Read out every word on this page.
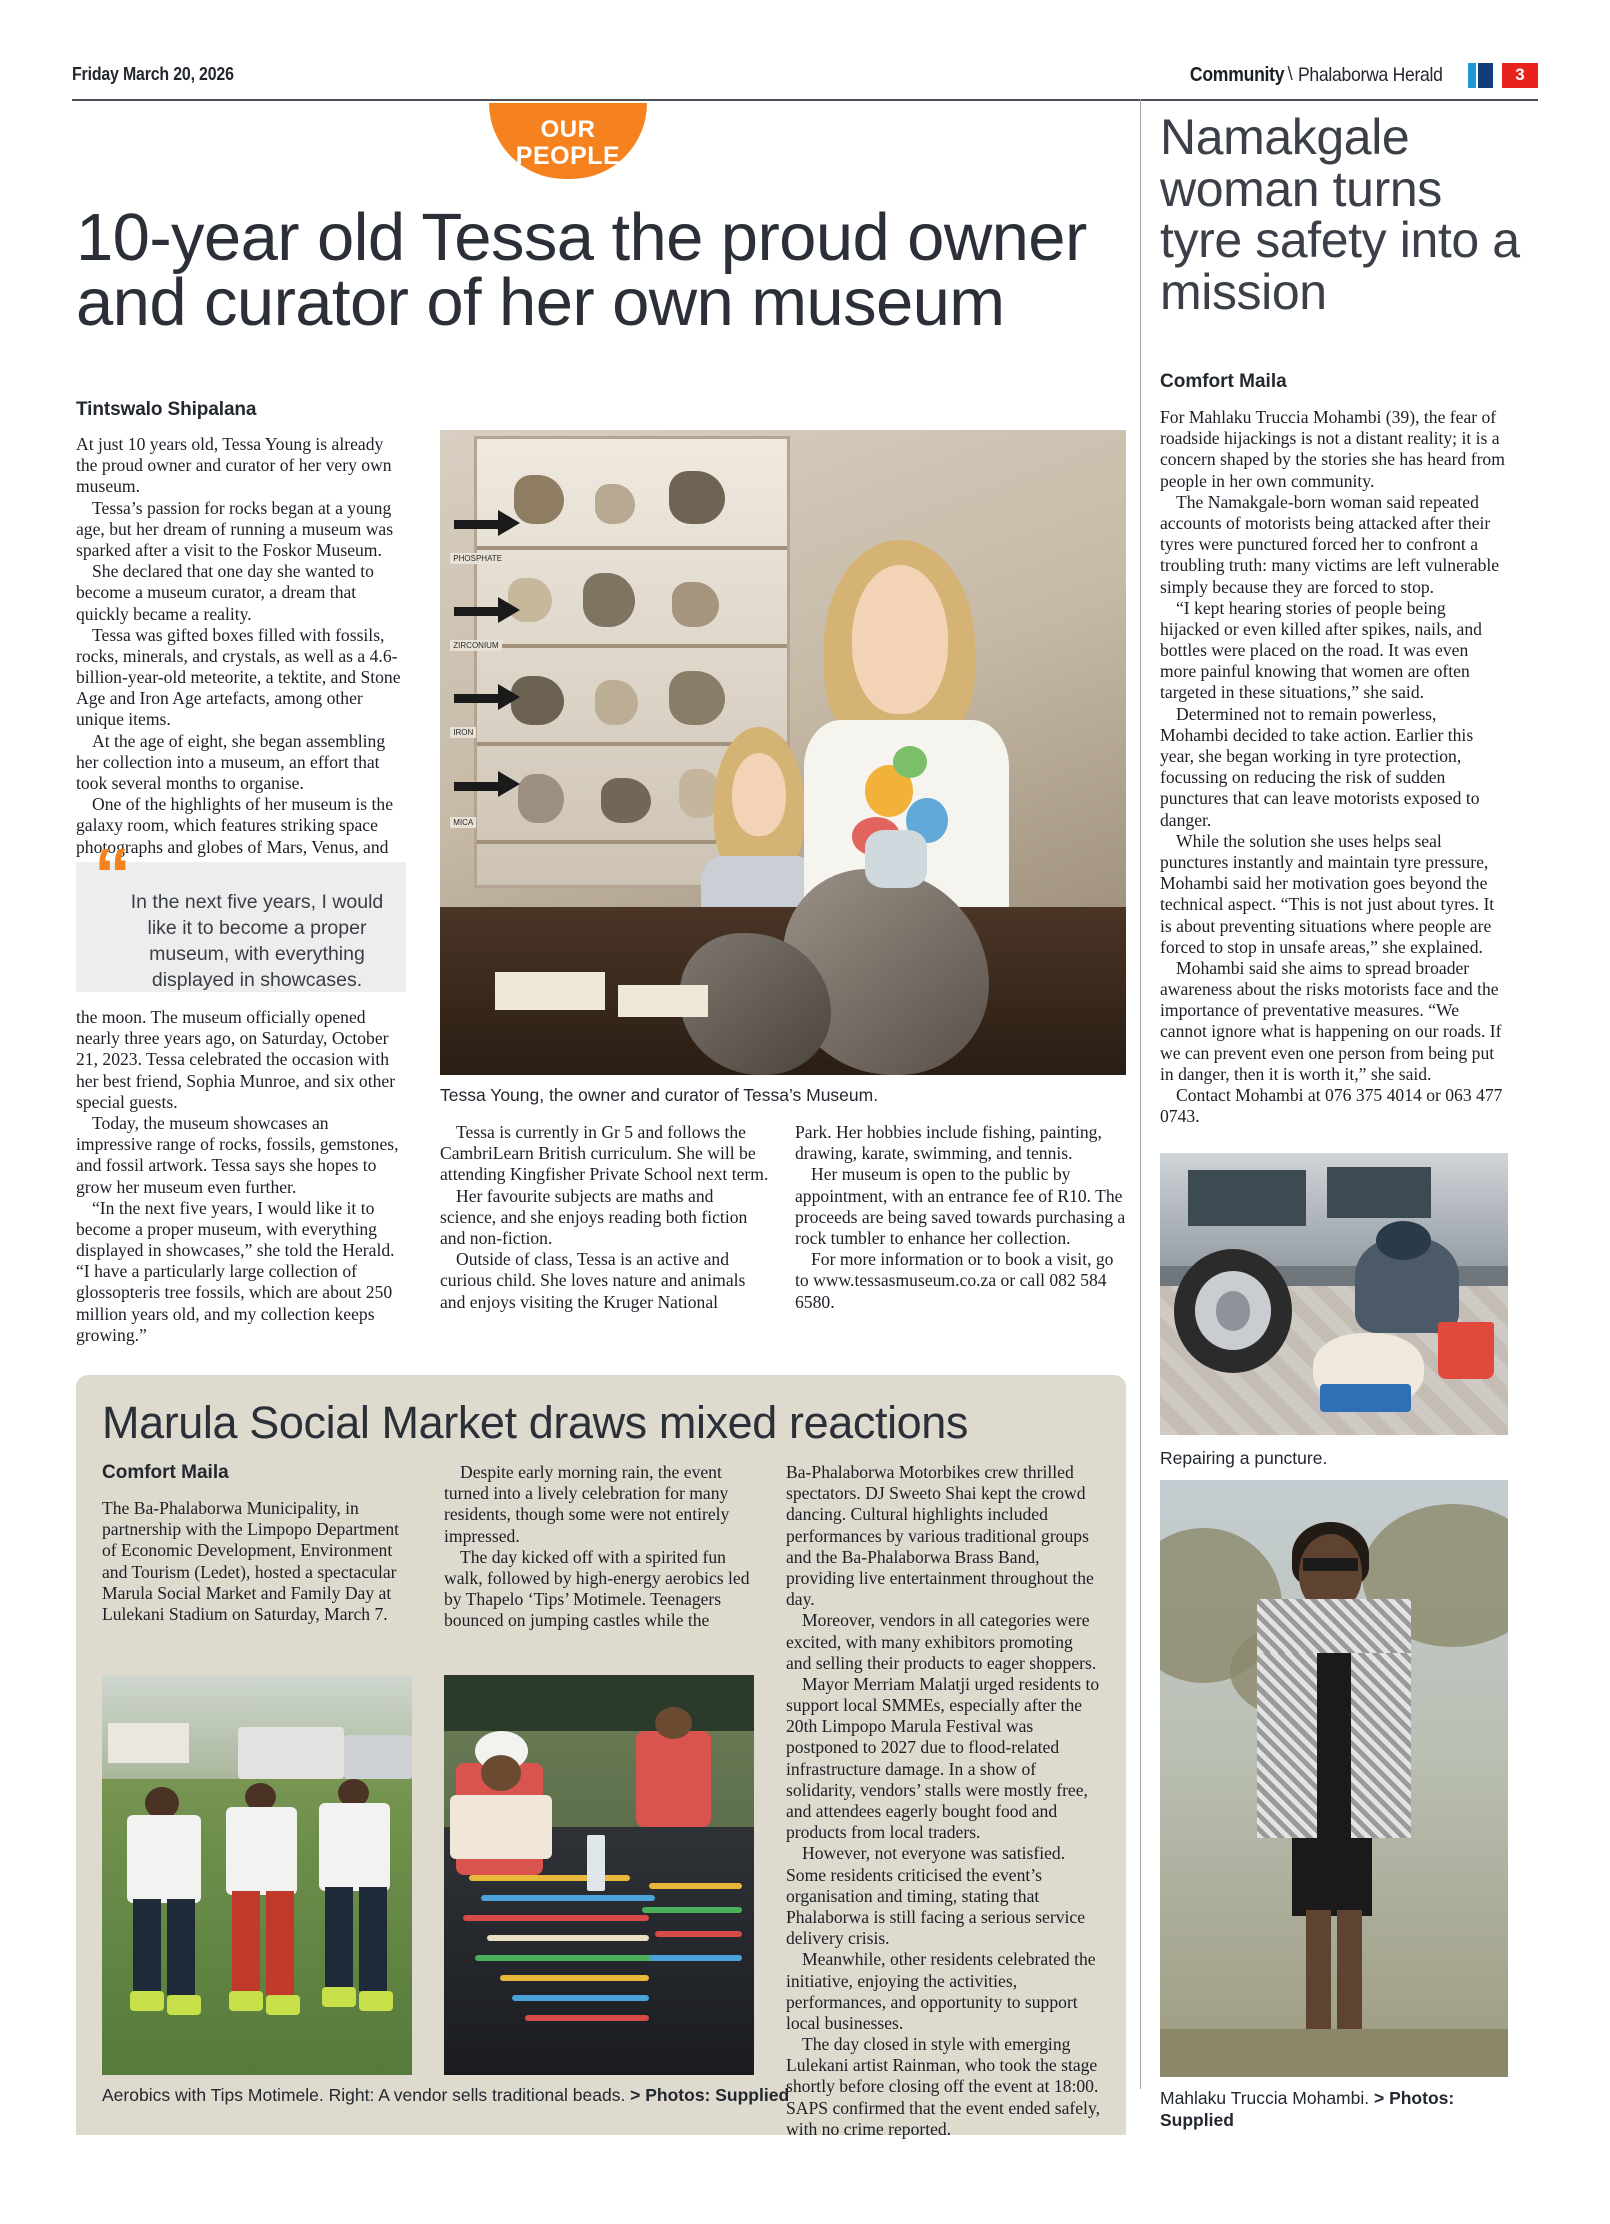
Friday March 20, 2026	Community \ Phalaborwa Herald	3
OUR
PEOPLE
10-year old Tessa the proud owner
and curator of her own museum
Tintswalo Shipalana

At just 10 years old, Tessa Young is already the proud owner and curator of her very own museum.

Tessa’s passion for rocks began at a young age, but her dream of running a museum was sparked after a visit to the Foskor Museum.

She declared that one day she wanted to become a museum curator, a dream that quickly became a reality.

Tessa was gifted boxes filled with fossils, rocks, minerals, and crystals, as well as a 4.6-billion-year-old meteorite, a tektite, and Stone Age and Iron Age artefacts, among other unique items.

At the age of eight, she began assembling her collection into a museum, an effort that took several months to organise.

One of the highlights of her museum is the galaxy room, which features striking space photographs and globes of Mars, Venus, and

“ In the next five years, I would like it to become a proper museum, with everything displayed in showcases.

the moon. The museum officially opened nearly three years ago, on Saturday, October 21, 2023. Tessa celebrated the occasion with her best friend, Sophia Munroe, and six other special guests.

Today, the museum showcases an impressive range of rocks, fossils, gemstones, and fossil artwork. Tessa says she hopes to grow her museum even further.

“In the next five years, I would like it to become a proper museum, with everything displayed in showcases,” she told the Herald. “I have a particularly large collection of glossopteris tree fossils, which are about 250 million years old, and my collection keeps growing.”

PHOSPHATE
ZIRCONIUM
IRON
MICA
Tessa Young, the owner and curator of Tessa’s Museum.

Tessa is currently in Gr 5 and follows the CambriLearn British curriculum. She will be attending Kingfisher Private School next term.

Her favourite subjects are maths and science, and she enjoys reading both fiction and non-fiction.

Outside of class, Tessa is an active and curious child. She loves nature and animals and enjoys visiting the Kruger National

Park. Her hobbies include fishing, painting, drawing, karate, swimming, and tennis.

Her museum is open to the public by appointment, with an entrance fee of R10. The proceeds are being saved towards purchasing a rock tumbler to enhance her collection.

For more information or to book a visit, go to www.tessasmuseum.co.za or call 082 584 6580.

Namakgale woman turns tyre safety into a mission
Comfort Maila

For Mahlaku Truccia Mohambi (39), the fear of roadside hijackings is not a distant reality; it is a concern shaped by the stories she has heard from people in her own community.

The Namakgale-born woman said repeated accounts of motorists being attacked after their tyres were punctured forced her to confront a troubling truth: many victims are left vulnerable simply because they are forced to stop.

“I kept hearing stories of people being hijacked or even killed after spikes, nails, and bottles were placed on the road. It was even more painful knowing that women are often targeted in these situations,” she said.

Determined not to remain powerless, Mohambi decided to take action. Earlier this year, she began working in tyre protection, focussing on reducing the risk of sudden punctures that can leave motorists exposed to danger.

While the solution she uses helps seal punctures instantly and maintain tyre pressure, Mohambi said her motivation goes beyond the technical aspect. “This is not just about tyres. It is about preventing situations where people are forced to stop in unsafe areas,” she explained.

Mohambi said she aims to spread broader awareness about the risks motorists face and the importance of preventative measures. “We cannot ignore what is happening on our roads. If we can prevent even one person from being put in danger, then it is worth it,” she said.

Contact Mohambi at 076 375 4014 or 063 477 0743.

Repairing a puncture.
Mahlaku Truccia Mohambi. > Photos: Supplied
Marula Social Market draws mixed reactions
Comfort Maila

The Ba-Phalaborwa Municipality, in partnership with the Limpopo Department of Economic Development, Environment and Tourism (Ledet), hosted a spectacular Marula Social Market and Family Day at Lulekani Stadium on Saturday, March 7.

Despite early morning rain, the event turned into a lively celebration for many residents, though some were not entirely impressed.

The day kicked off with a spirited fun walk, followed by high-energy aerobics led by Thapelo ‘Tips’ Motimele. Teenagers bounced on jumping castles while the

Ba-Phalaborwa Motorbikes crew thrilled spectators. DJ Sweeto Shai kept the crowd dancing. Cultural highlights included performances by various traditional groups and the Ba-Phalaborwa Brass Band, providing live entertainment throughout the day.

Moreover, vendors in all categories were excited, with many exhibitors promoting and selling their products to eager shoppers.

Mayor Merriam Malatji urged residents to support local SMMEs, especially after the 20th Limpopo Marula Festival was postponed to 2027 due to flood-related infrastructure damage. In a show of solidarity, vendors’ stalls were mostly free, and attendees eagerly bought food and products from local traders.

However, not everyone was satisfied. Some residents criticised the event’s organisation and timing, stating that Phalaborwa is still facing a serious service delivery crisis.

Meanwhile, other residents celebrated the initiative, enjoying the activities, performances, and opportunity to support local businesses.

The day closed in style with emerging Lulekani artist Rainman, who took the stage shortly before closing off the event at 18:00. SAPS confirmed that the event ended safely, with no crime reported.

Aerobics with Tips Motimele. Right: A vendor sells traditional beads. > Photos: Supplied
